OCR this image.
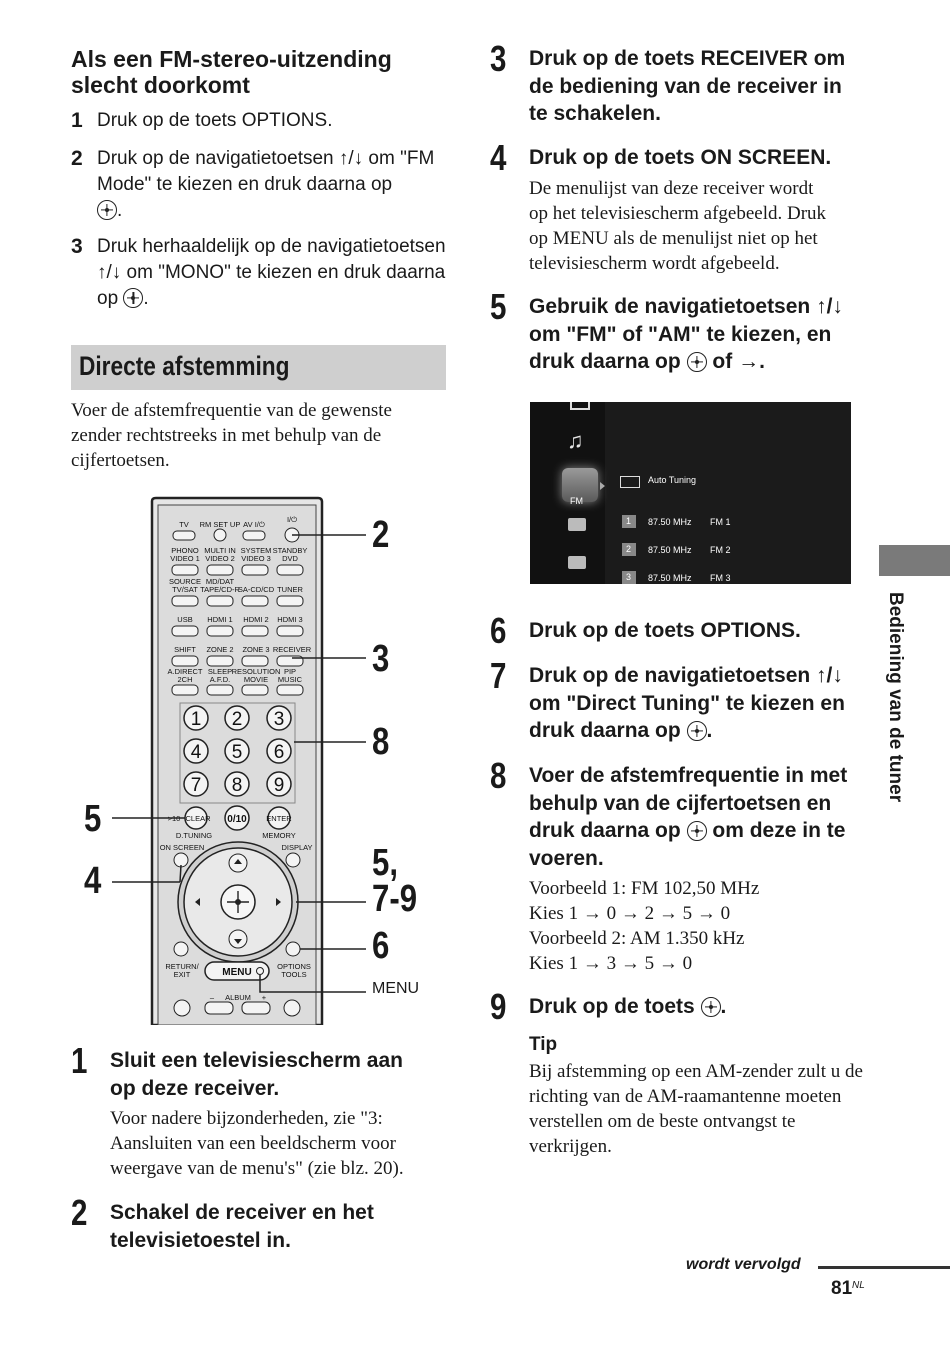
Als een FM-stereo-uitzending slecht doorkomt
1 Druk op de toets OPTIONS.
2 Druk op de navigatietoetsen ↑/↓ om "FM Mode" te kiezen en druk daarna op

.
3 Druk herhaaldelijk op de navigatietoetsen ↑/↓ om "MONO" te kiezen en druk daarna op .
Directe afstemming
Voer de afstemfrequentie van de gewenste zender rechtstreeks in met behulp van de cijfertoetsen.
TV RM SET UP AV I/⏻
I/⏻
PHONO
VIDEO 1
MULTI IN
VIDEO 2
SYSTEM
VIDEO 3
STANDBY
DVD
SOURCE
TV/SAT
MD/DAT
TAPE/CD-R
SA-CD/CD TUNER
USB HDMI 1 HDMI 2 HDMI 3
SHIFT ZONE 2 ZONE 3 RECEIVER
A.DIRECT
2CH
SLEEP
A.F.D.
RESOLUTION
MOVIE
PIP
MUSIC
1 2 3
4 5 6
7 8 9
CLEAR
>10	0/10	ENTER
D.TUNING	MEMORY
ON SCREEN	DISPLAY
RETURN/
EXIT
OPTIONS
TOOLS
MENU
ALBUM
–	+
2
3
8
5
4	5,
7-9
6
MENU
1 Sluit een televisiescherm aan op deze receiver.
Voor nadere bijzonderheden, zie "3: Aansluiten van een beeldscherm voor weergave van de menu's" (zie blz. 20).
2 Schakel de receiver en het televisietoestel in.
3 Druk op de toets RECEIVER om de bediening van de receiver in te schakelen.
4 Druk op de toets ON SCREEN.
De menulijst van deze receiver wordt op het televisiescherm afgebeeld. Druk op MENU als de menulijst niet op het televisiescherm wordt afgebeeld.
5 Gebruik de navigatietoetsen ↑/↓ om "FM" of "AM" te kiezen, en druk daarna op of →.
♫
FM
Auto Tuning
1 87.50 MHz FM 1
2 87.50 MHz FM 2
3 87.50 MHz FM 3
6 Druk op de toets OPTIONS.
7 Druk op de navigatietoetsen ↑/↓ om "Direct Tuning" te kiezen en druk daarna op .
8 Voer de afstemfrequentie in met behulp van de cijfertoetsen en druk daarna op om deze in te voeren.
Voorbeeld 1: FM 102,50 MHz
Kies 1 → 0 → 2 → 5 → 0
Voorbeeld 2: AM 1.350 kHz
Kies 1 → 3 → 5 → 0
9 Druk op de toets .
Tip
Bij afstemming op een AM-zender zult u de richting van de AM-raamantenne moeten verstellen om de beste ontvangst te verkrijgen.
Bediening van de tuner
wordt vervolgd
81 NL
